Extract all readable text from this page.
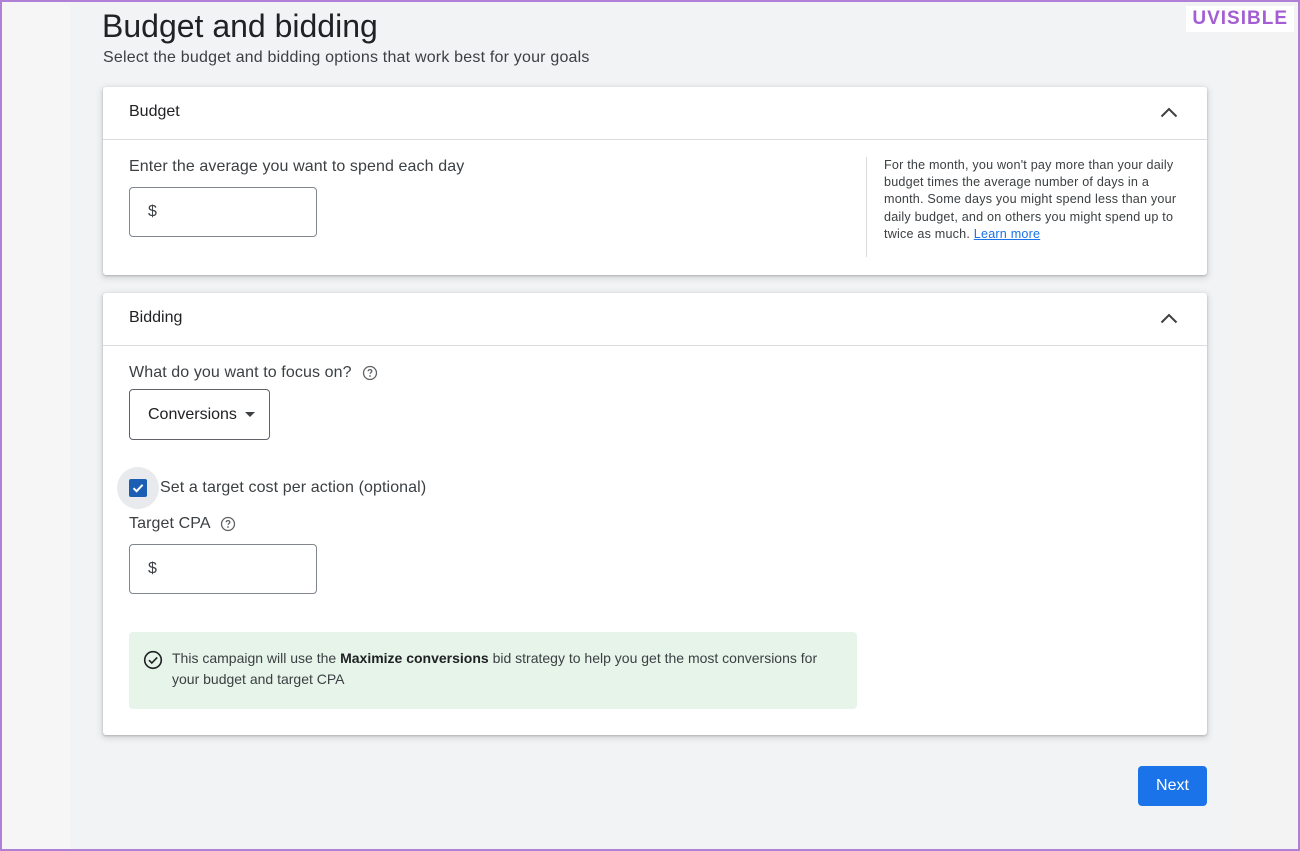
UVISIBLE
Budget and bidding

Select the budget and bidding options that work best for your goals

Budget
Enter the average you want to spend each day
$
For the month, you won't pay more than your daily budget times the average number of days in a month. Some days you might spend less than your daily budget, and on others you might spend up to twice as much. Learn more
Bidding
What do you want to focus on?
Conversions
Set a target cost per action (optional)
Target CPA
$
This campaign will use the Maximize conversions bid strategy to help you get the most conversions for your budget and target CPA
Next
